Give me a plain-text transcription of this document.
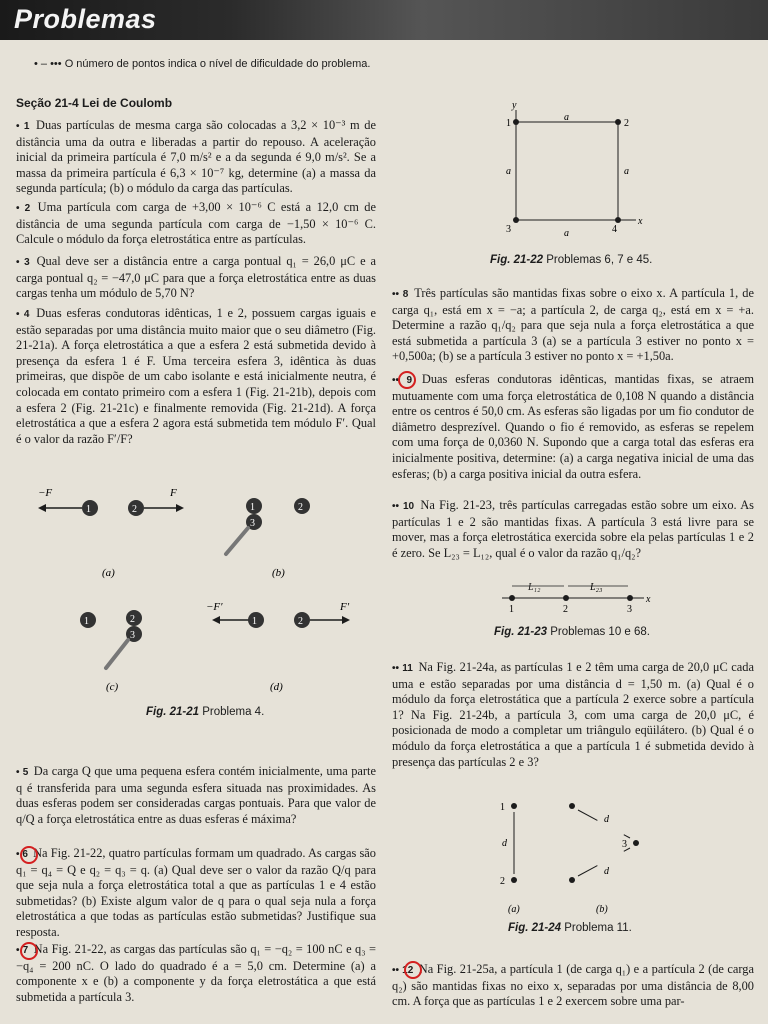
Problemas
• – ••• O número de pontos indica o nível de dificuldade do problema.
Seção 21-4 Lei de Coulomb

• 1 Duas partículas de mesma carga são colocadas a 3,2 × 10⁻³ m de distância uma da outra e liberadas a partir do repouso. A aceleração inicial da primeira partícula é 7,0 m/s² e a da segunda é 9,0 m/s². Se a massa da primeira partícula é 6,3 × 10⁻⁷ kg, determine (a) a massa da segunda partícula; (b) o módulo da carga das partículas.

• 2 Uma partícula com carga de +3,00 × 10⁻⁶ C está a 12,0 cm de distância de uma segunda partícula com carga de −1,50 × 10⁻⁶ C. Calcule o módulo da força eletrostática entre as partículas.

• 3 Qual deve ser a distância entre a carga pontual q₁ = 26,0 μC e a carga pontual q₂ = −47,0 μC para que a força eletrostática entre as duas cargas tenha um módulo de 5,70 N?

• 4 Duas esferas condutoras idênticas, 1 e 2, possuem cargas iguais e estão separadas por uma distância muito maior que o seu diâmetro (Fig. 21-21a). A força eletrostática a que a esfera 2 está submetida devido à presença da esfera 1 é F. Uma terceira esfera 3, idêntica às duas primeiras, que dispõe de um cabo isolante e está inicialmente neutra, é colocada em contato primeiro com a esfera 1 (Fig. 21-21b), depois com a esfera 2 (Fig. 21-21c) e finalmente removida (Fig. 21-21d). A força eletrostática a que a esfera 2 agora está submetida tem módulo F′. Qual é o valor da razão F′/F?

−F
1	2
F
(a)
1
3
2
(b)
1	2
3
(c)
−F′
1	2
F′
(d)
Fig. 21-21 Problema 4.

• 5 Da carga Q que uma pequena esfera contém inicialmente, uma parte q é transferida para uma segunda esfera situada nas proximidades. As duas esferas podem ser consideradas cargas pontuais. Para que valor de q/Q a força eletrostática entre as duas esferas é máxima?

• 6 Na Fig. 21-22, quatro partículas formam um quadrado. As cargas são q₁ = q₄ = Q e q₂ = q₃ = q. (a) Qual deve ser o valor da razão Q/q para que seja nula a força eletrostática total a que as partículas 1 e 4 estão submetidas? (b) Existe algum valor de q para o qual seja nula a força eletrostática a que todas as partículas estão submetidas? Justifique sua resposta.

• 7 Na Fig. 21-22, as cargas das partículas são q₁ = −q₂ = 100 nC e q₃ = −q₄ = 200 nC. O lado do quadrado é a = 5,0 cm. Determine (a) a componente x e (b) a componente y da força eletrostática a que está submetida a partícula 3.

y
x
1	2
3	4
a
a
a	a
Fig. 21-22 Problemas 6, 7 e 45.

•• 8 Três partículas são mantidas fixas sobre o eixo x. A partícula 1, de carga q₁, está em x = −a; a partícula 2, de carga q₂, está em x = +a. Determine a razão q₁/q₂ para que seja nula a força eletrostática a que está submetida a partícula 3 (a) se a partícula 3 estiver no ponto x = +0,500a; (b) se a partícula 3 estiver no ponto x = +1,50a.

•• 9 Duas esferas condutoras idênticas, mantidas fixas, se atraem mutuamente com uma força eletrostática de 0,108 N quando a distância entre os centros é 50,0 cm. As esferas são ligadas por um fio condutor de diâmetro desprezível. Quando o fio é removido, as esferas se repelem com uma força de 0,0360 N. Supondo que a carga total das esferas era inicialmente positiva, determine: (a) a carga negativa inicial de uma das esferas; (b) a carga positiva inicial da outra esfera.

•• 10 Na Fig. 21-23, três partículas carregadas estão sobre um eixo. As partículas 1 e 2 são mantidas fixas. A partícula 3 está livre para se mover, mas a força eletrostática exercida sobre ela pelas partículas 1 e 2 é zero. Se L₂₃ = L₁₂, qual é o valor da razão q₁/q₂?

x
L₁₂	L₂₃
1	2	3
Fig. 21-23 Problemas 10 e 68.

•• 11 Na Fig. 21-24a, as partículas 1 e 2 têm uma carga de 20,0 μC cada uma e estão separadas por uma distância d = 1,50 m. (a) Qual é o módulo da força eletrostática que a partícula 2 exerce sobre a partícula 1? Na Fig. 21-24b, a partícula 3, com uma carga de 20,0 μC, é posicionada de modo a completar um triângulo eqüilátero. (b) Qual é o módulo da força eletrostática a que a partícula 1 é submetida devido à presença das partículas 2 e 3?

1
d
2
(a)
3
d
d
(b)
Fig. 21-24 Problema 11.

•• 12 Na Fig. 21-25a, a partícula 1 (de carga q₁) e a partícula 2 (de carga q₂) são mantidas fixas no eixo x, separadas por uma distância de 8,00 cm. A força que as partículas 1 e 2 exercem sobre uma par-
